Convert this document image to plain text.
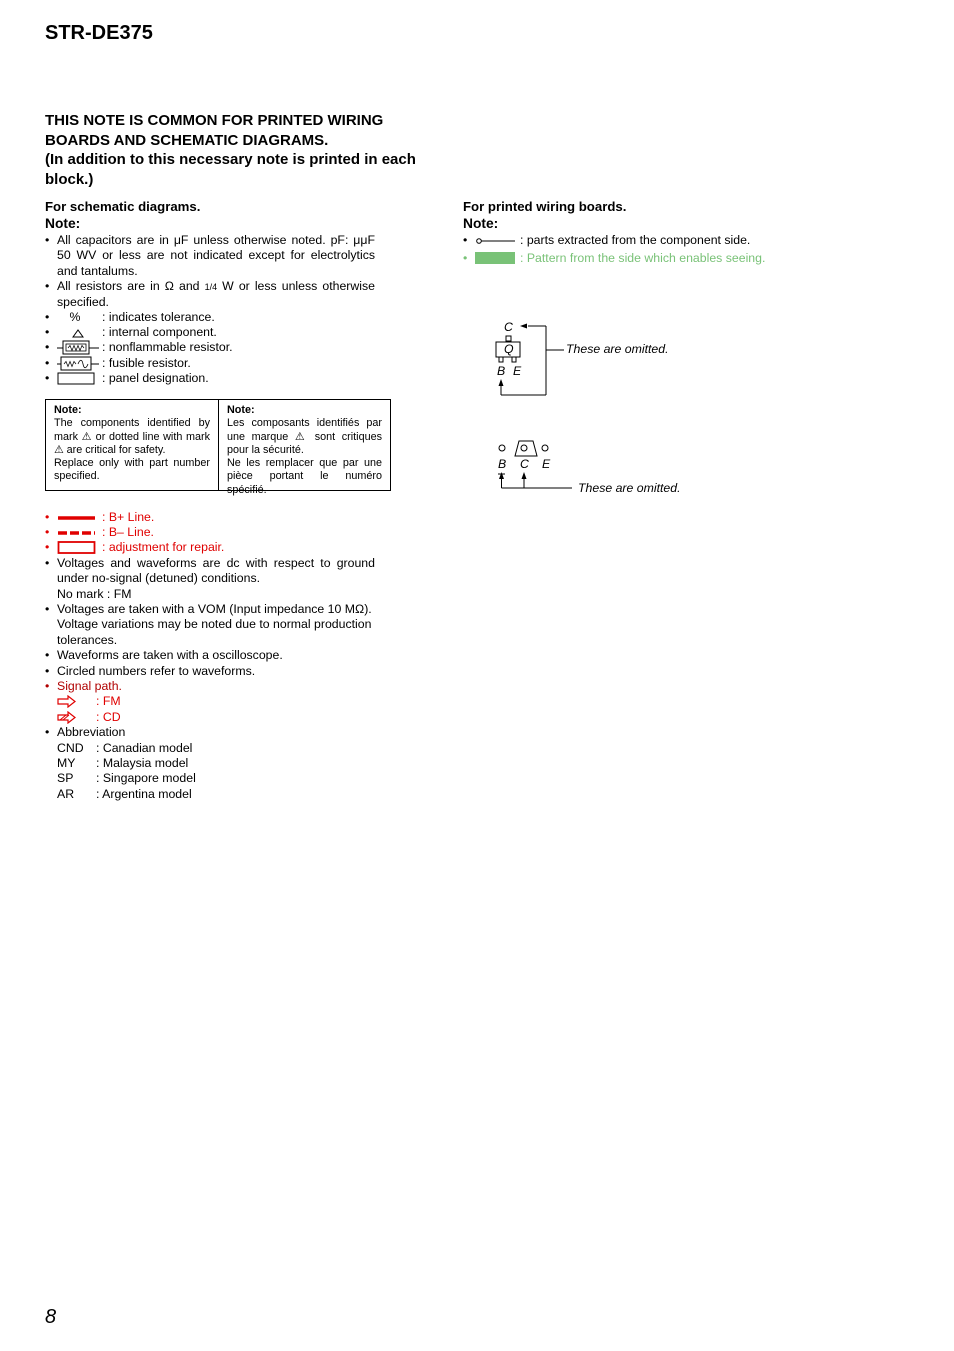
STR-DE375
THIS NOTE IS COMMON FOR PRINTED WIRING
BOARDS AND SCHEMATIC DIAGRAMS.
(In addition to this necessary note is printed in each
block.)
For schematic diagrams.
Note:
• All capacitors are in μF unless otherwise noted. pF: μμF 50 WV or less are not indicated except for electrolytics and tantalums.
• All resistors are in Ω and 1/4 W or less unless otherwise specified.
•	%	: indicates tolerance.
•	: internal component.
•	: nonflammable resistor.
•	: fusible resistor.
•	: panel designation.
Note:

The components identified by mark ⚠ or dotted line with mark ⚠ are critical for safety.

Replace only with part number specified.

Note:

Les composants identifiés par une marque ⚠ sont critiques pour la sécurité.

Ne les remplacer que par une pièce portant le numéro spécifié.

•	: B+ Line.
•	: B– Line.
•	: adjustment for repair.
• Voltages and waveforms are dc with respect to ground under no-signal (detuned) conditions.
No mark : FM
• Voltages are taken with a VOM (Input impedance 10 MΩ). Voltage variations may be noted due to normal production tolerances.
• Waveforms are taken with a oscilloscope.
• Circled numbers refer to waveforms.
• Signal path.
: FM
: CD
• Abbreviation
CND : Canadian model
MY : Malaysia model
SP : Singapore model
AR : Argentina model
For printed wiring boards.
Note:
•	: parts extracted from the component side.
•	: Pattern from the side which enables seeing.
C
Q
B E
These are omitted.
B C E
These are omitted.
8
